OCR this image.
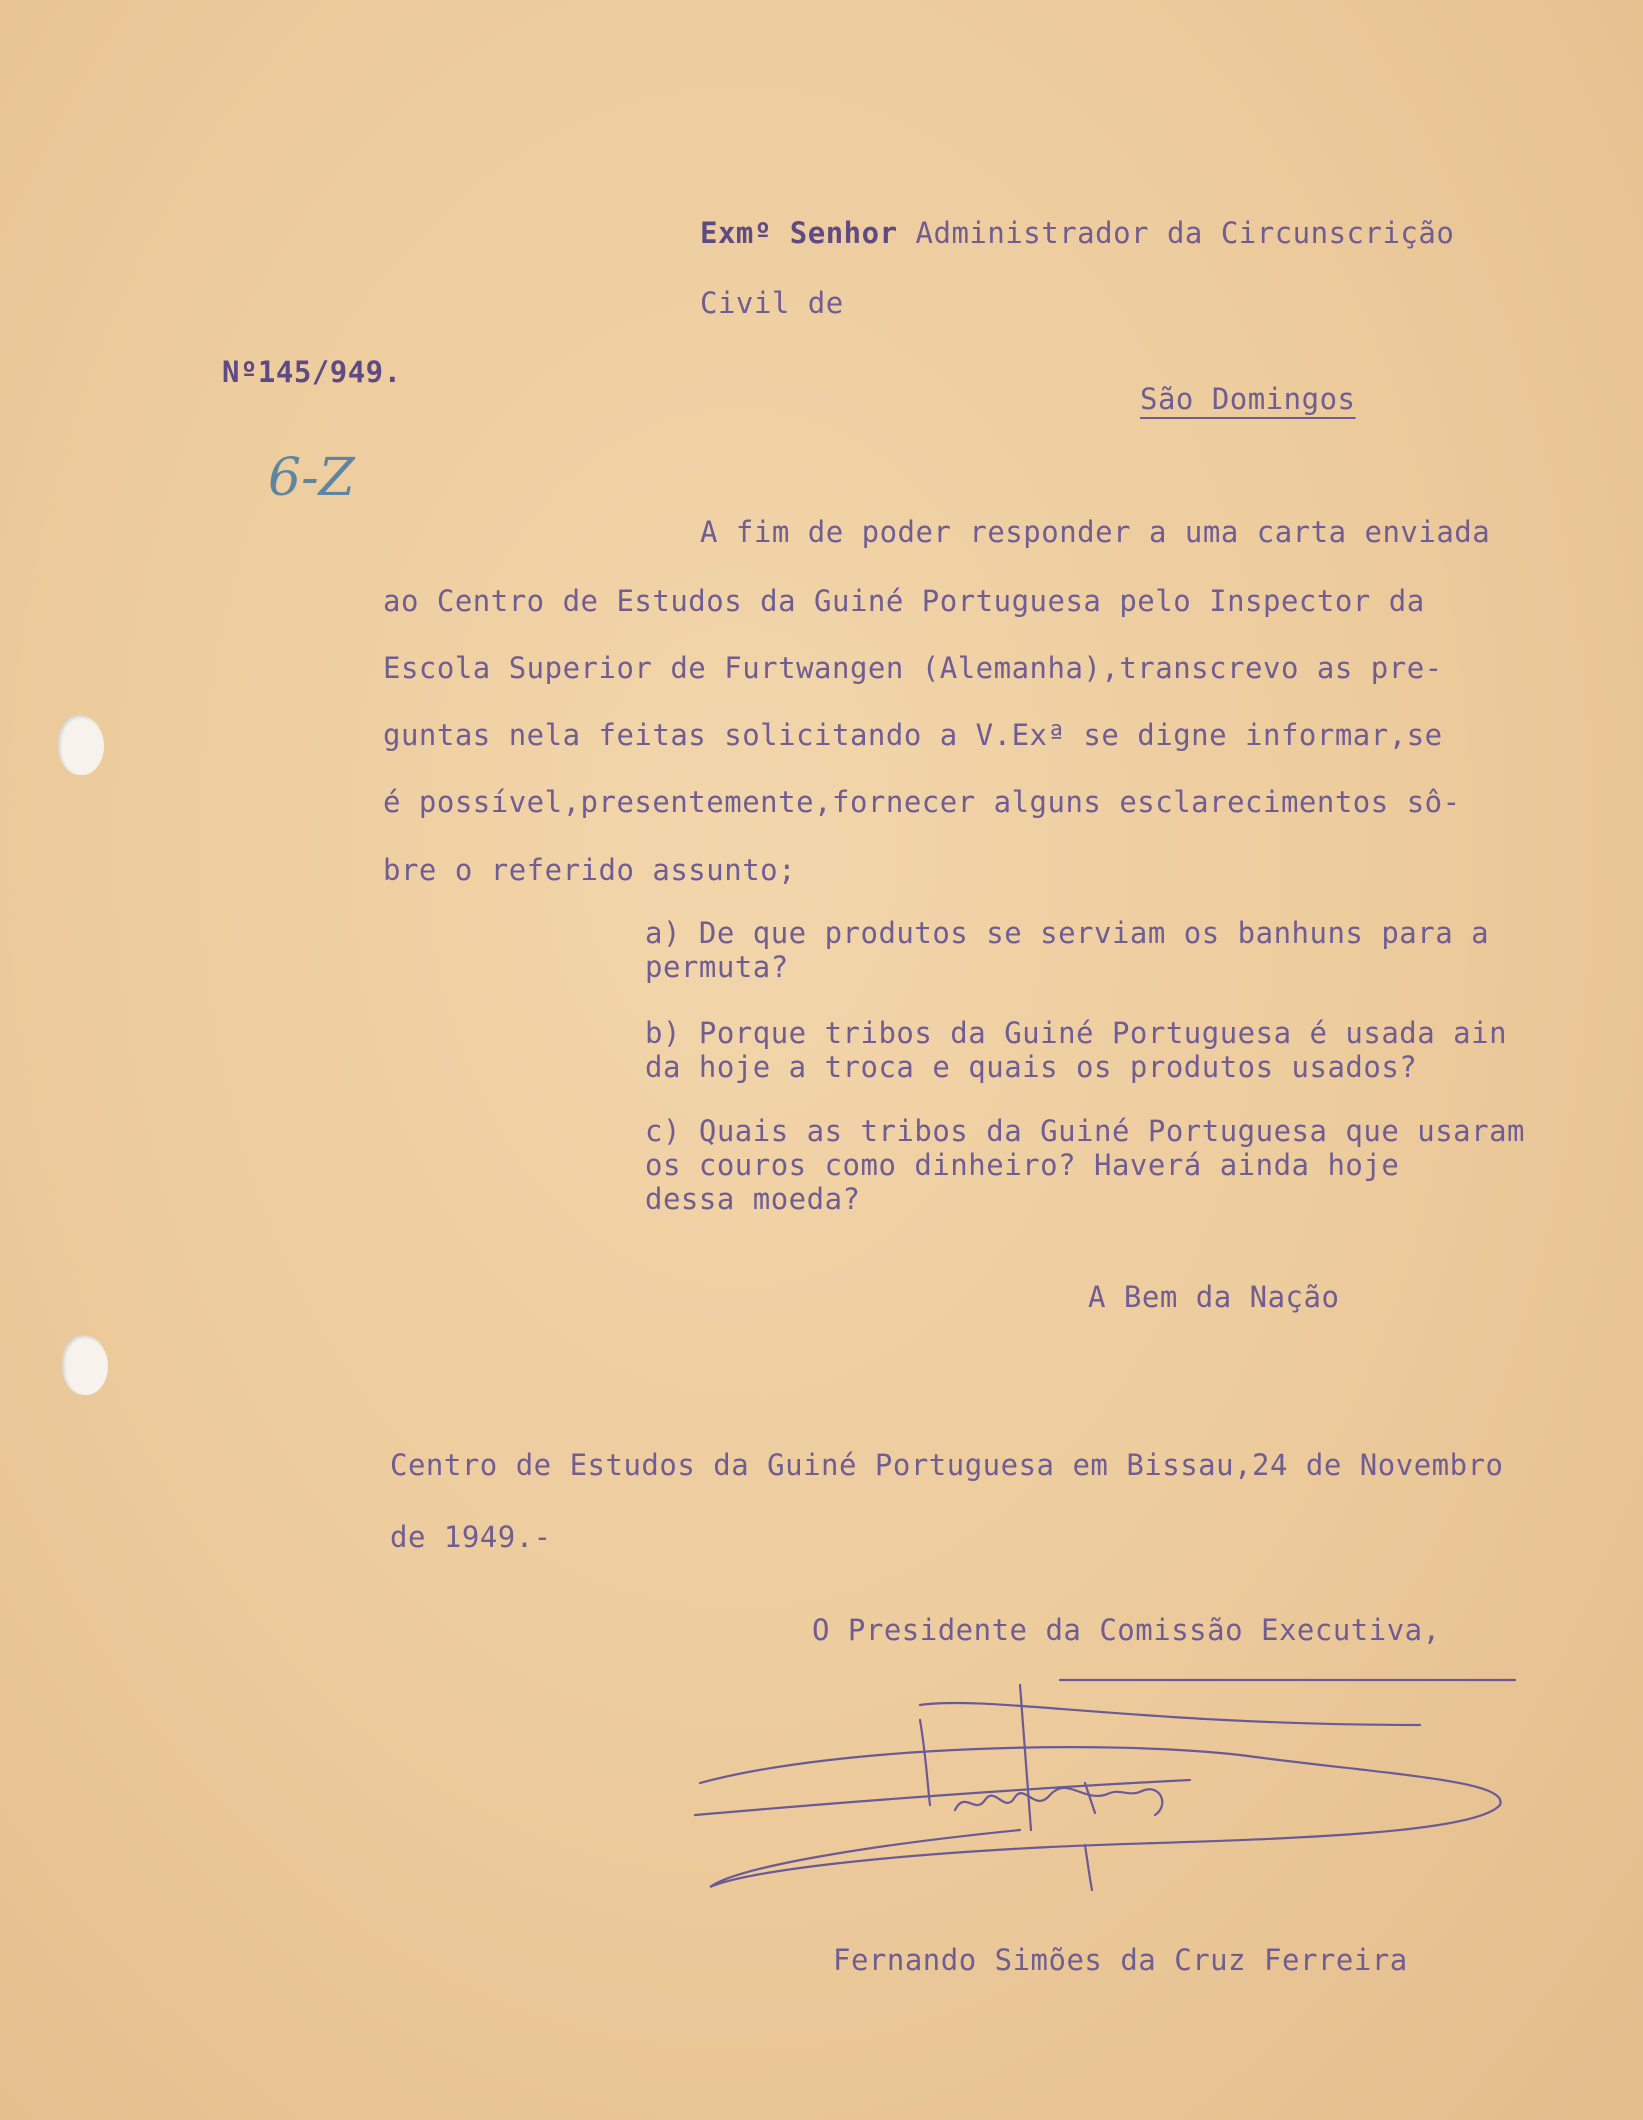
Exmº Senhor Administrador da Circunscrição
Civil de
Nº145/949.
6-Z
São Domingos
A fim de poder responder a uma carta enviada
ao Centro de Estudos da Guiné Portuguesa pelo Inspector da
Escola Superior de Furtwangen (Alemanha),transcrevo as pre-
guntas nela feitas solicitando a V.Exª se digne informar,se
é possível,presentemente,fornecer alguns esclarecimentos sô-
bre o referido assunto;
a) De que produtos se serviam os banhuns para a
permuta?
b) Porque tribos da Guiné Portuguesa é usada ain
da hoje a troca e quais os produtos usados?
c) Quais as tribos da Guiné Portuguesa que usaram
os couros como dinheiro? Haverá ainda hoje
dessa moeda?
A Bem da Nação
Centro de Estudos da Guiné Portuguesa em Bissau,24 de Novembro
de 1949.-
O Presidente da Comissão Executiva,
Fernando Simões da Cruz Ferreira
